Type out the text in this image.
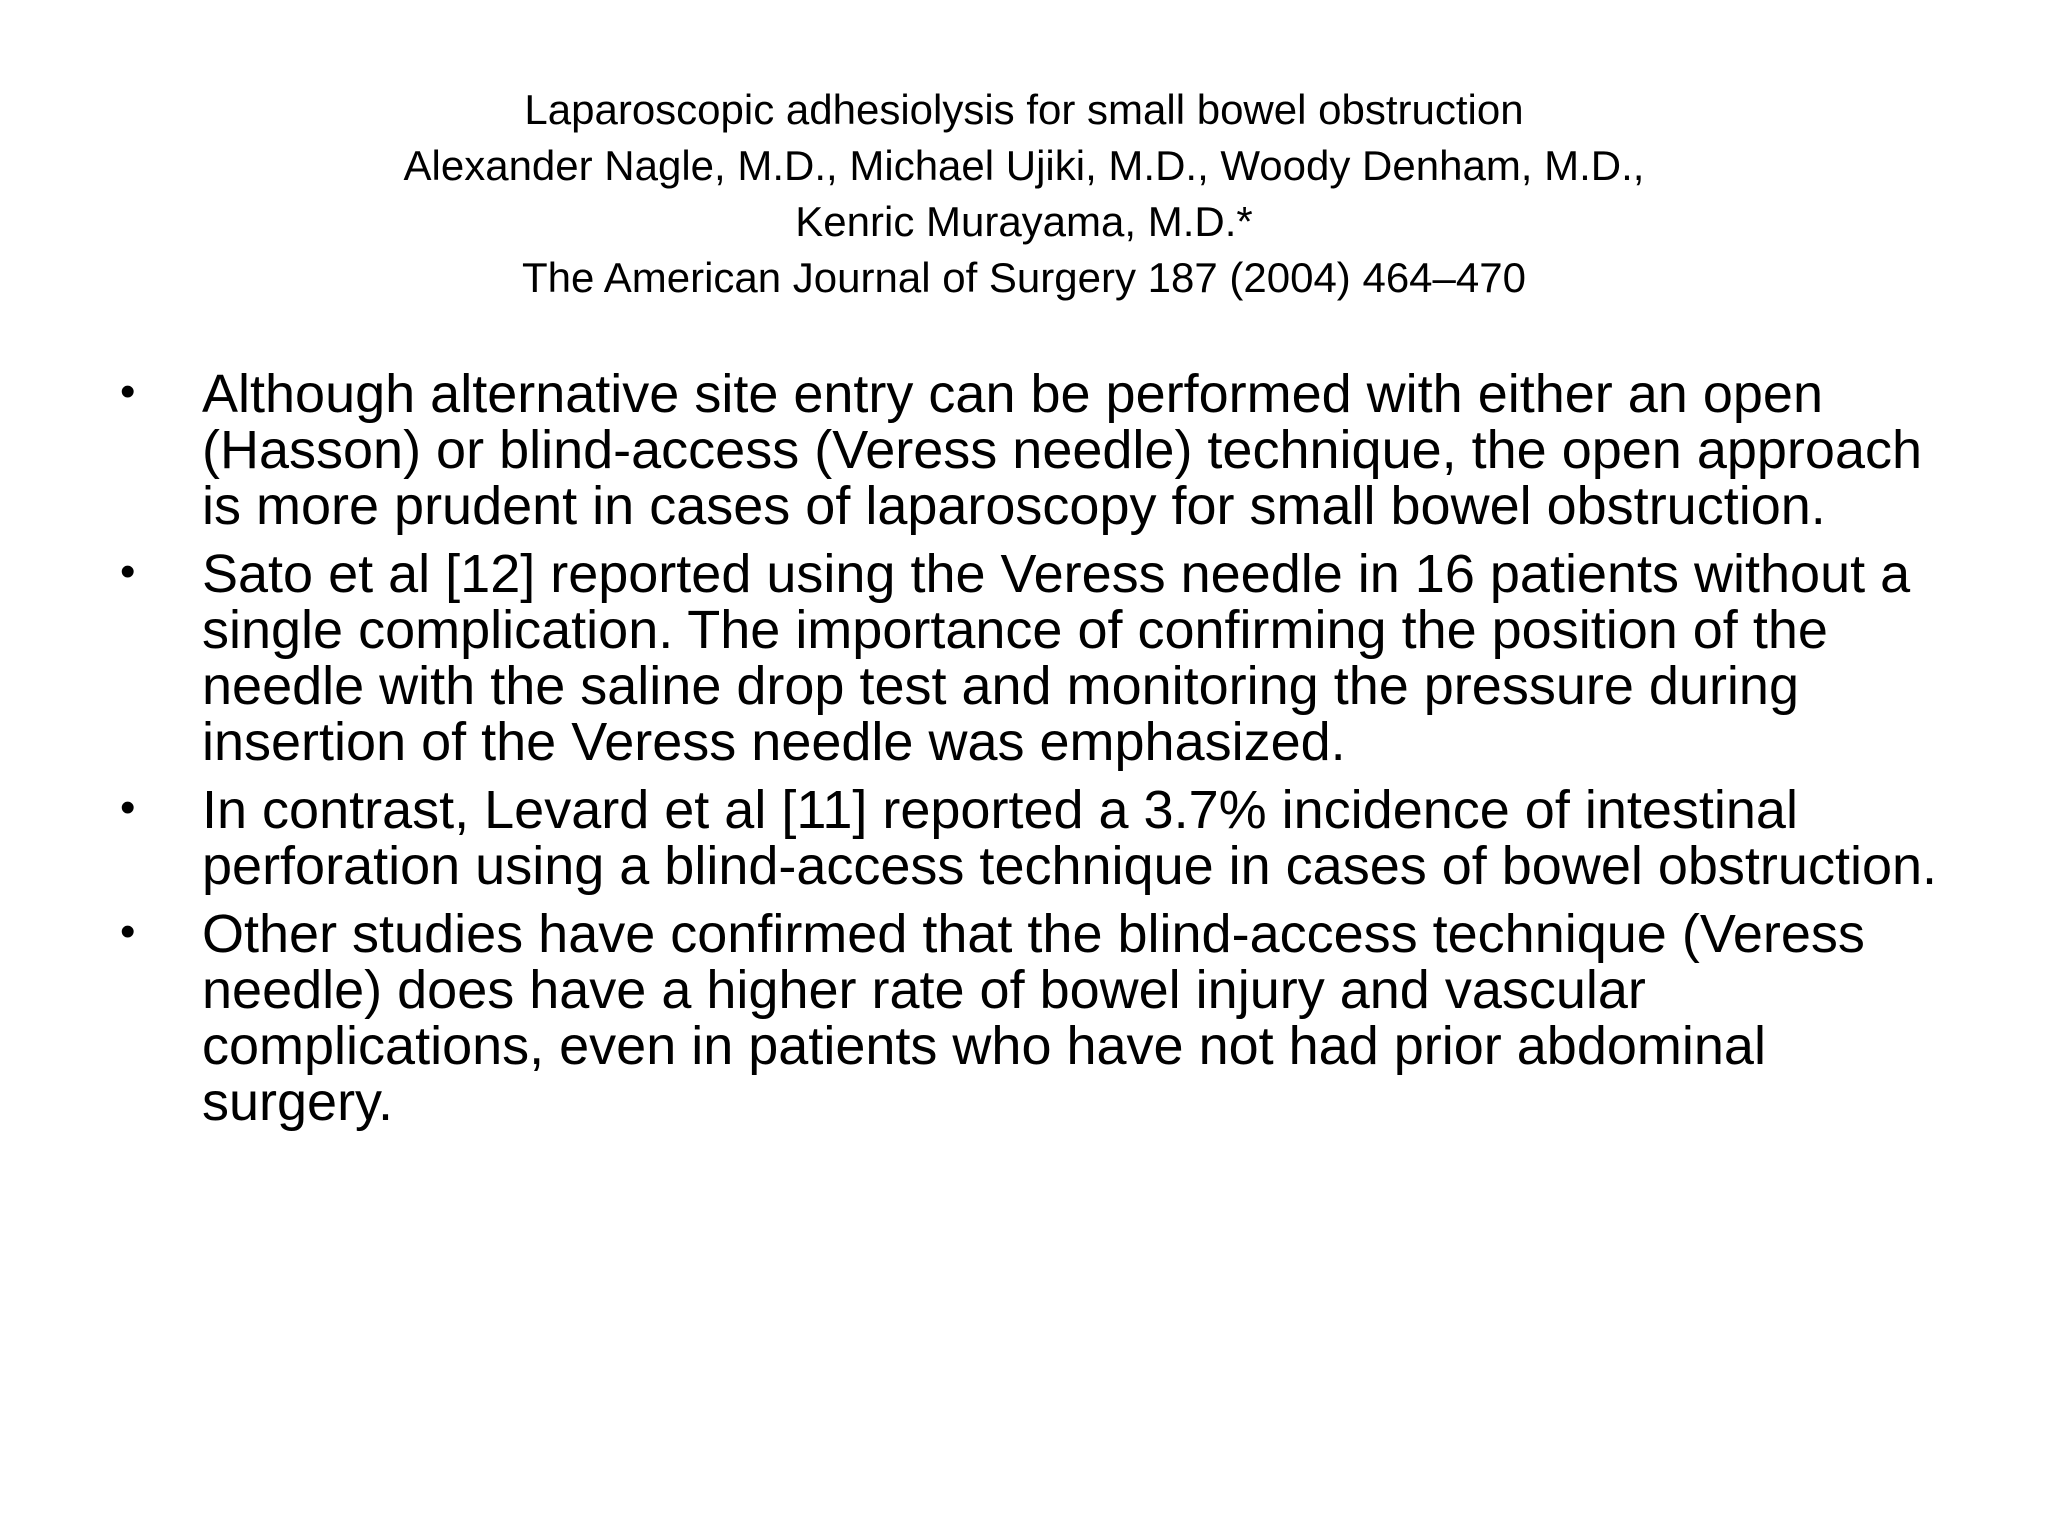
Laparoscopic adhesiolysis for small bowel obstruction
Alexander Nagle, M.D., Michael Ujiki, M.D., Woody Denham, M.D.,
Kenric Murayama, M.D.*
The American Journal of Surgery 187 (2004) 464–470
• Although alternative site entry can be performed with either an open (Hasson) or blind-access (Veress needle) technique, the open approach is more prudent in cases of laparoscopy for small bowel obstruction.
• Sato et al [12] reported using the Veress needle in 16 patients without a single complication. The importance of confirming the position of the needle with the saline drop test and monitoring the pressure during insertion of the Veress needle was emphasized.
• In contrast, Levard et al [11] reported a 3.7% incidence of intestinal perforation using a blind-access technique in cases of bowel obstruction.
• Other studies have confirmed that the blind-access technique (Veress needle) does have a higher rate of bowel injury and vascular complications, even in patients who have not had prior abdominal surgery.
